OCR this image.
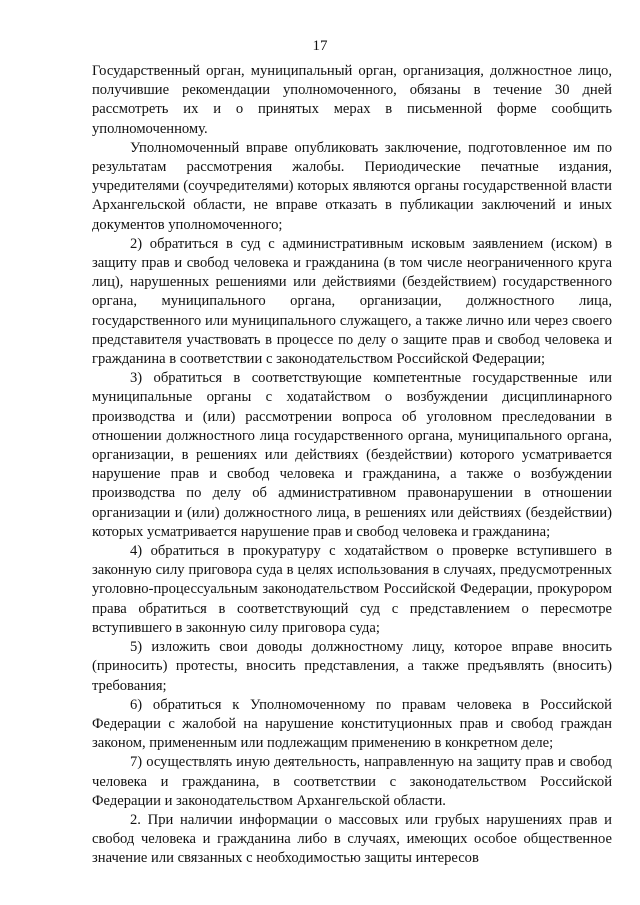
17

Государственный орган, муниципальный орган, организация, должностное лицо, получившие рекомендации уполномоченного, обязаны в течение 30 дней рассмотреть их и о принятых мерах в письменной форме сообщить уполномоченному.

Уполномоченный вправе опубликовать заключение, подготовленное им по результатам рассмотрения жалобы. Периодические печатные издания, учредителями (соучредителями) которых являются органы государственной власти Архангельской области, не вправе отказать в публикации заключений и иных документов уполномоченного;

2) обратиться в суд с административным исковым заявлением (иском) в защиту прав и свобод человека и гражданина (в том числе неограниченного круга лиц), нарушенных решениями или действиями (бездействием) государственного органа, муниципального органа, организации, должностного лица, государственного или муниципального служащего, а также лично или через своего представителя участвовать в процессе по делу о защите прав и свобод человека и гражданина в соответствии с законодательством Российской Федерации;

3) обратиться в соответствующие компетентные государственные или муниципальные органы с ходатайством о возбуждении дисциплинарного производства и (или) рассмотрении вопроса об уголовном преследовании в отношении должностного лица государственного органа, муниципального органа, организации, в решениях или действиях (бездействии) которого усматривается нарушение прав и свобод человека и гражданина, а также о возбуждении производства по делу об административном правонарушении в отношении организации и (или) должностного лица, в решениях или действиях (бездействии) которых усматривается нарушение прав и свобод человека и гражданина;

4) обратиться в прокуратуру с ходатайством о проверке вступившего в законную силу приговора суда в целях использования в случаях, предусмотренных уголовно-процессуальным законодательством Российской Федерации, прокурором права обратиться в соответствующий суд с представлением о пересмотре вступившего в законную силу приговора суда;

5) изложить свои доводы должностному лицу, которое вправе вносить (приносить) протесты, вносить представления, а также предъявлять (вносить) требования;

6) обратиться к Уполномоченному по правам человека в Российской Федерации с жалобой на нарушение конституционных прав и свобод граждан законом, примененным или подлежащим применению в конкретном деле;

7) осуществлять иную деятельность, направленную на защиту прав и свобод человека и гражданина, в соответствии с законодательством Российской Федерации и законодательством Архангельской области.

2. При наличии информации о массовых или грубых нарушениях прав и свобод человека и гражданина либо в случаях, имеющих особое общественное значение или связанных с необходимостью защиты интересов
